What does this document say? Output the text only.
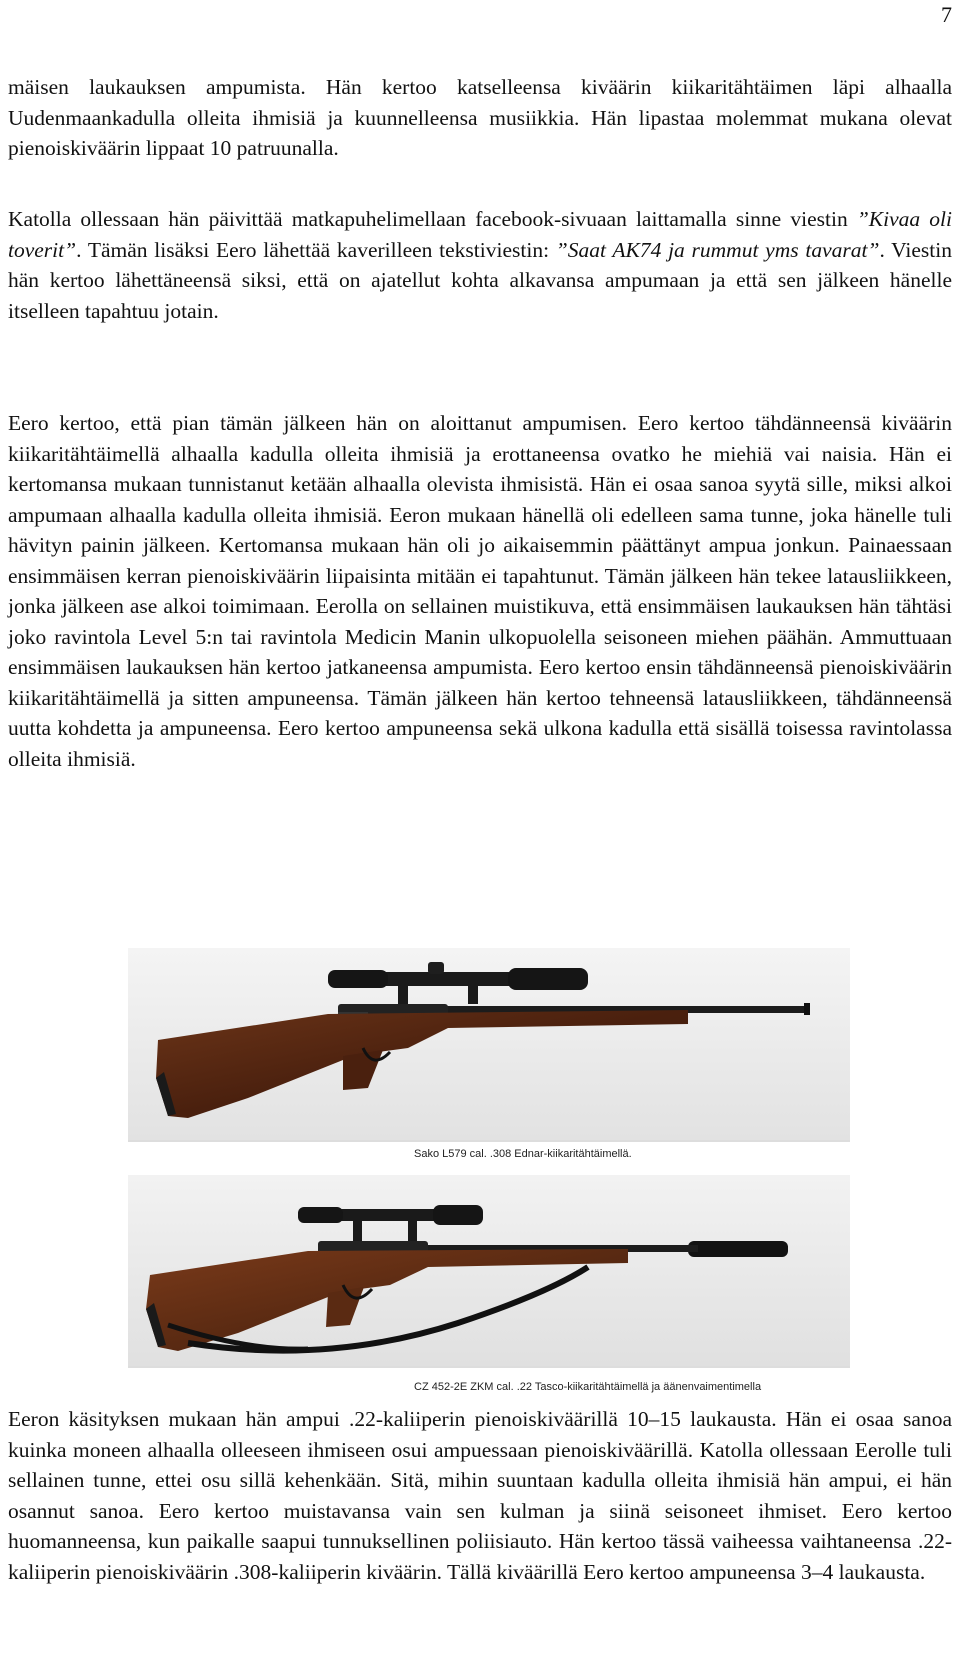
7

mäisen laukauksen ampumista. Hän kertoo katselleensa kiväärin kiikaritähtäimen läpi alhaalla Uudenmaankadulla olleita ihmisiä ja kuunnelleensa musiikkia. Hän lipastaa molemmat mukana olevat pienoiskiväärin lippaat 10 patruunalla.

Katolla ollessaan hän päivittää matkapuhelimellaan facebook-sivuaan laittamalla sinne viestin ”Kivaa oli toverit”. Tämän lisäksi Eero lähettää kaverilleen tekstiviestin: ”Saat AK74 ja rummut yms tavarat”. Viestin hän kertoo lähettäneensä siksi, että on ajatellut kohta alkavansa ampumaan ja että sen jälkeen hänelle itselleen tapahtuu jotain.

Eero kertoo, että pian tämän jälkeen hän on aloittanut ampumisen. Eero kertoo tähdänneensä kiväärin kiikaritähtäimellä alhaalla kadulla olleita ihmisiä ja erottaneensa ovatko he miehiä vai naisia. Hän ei kertomansa mukaan tunnistanut ketään alhaalla olevista ihmisistä. Hän ei osaa sanoa syytä sille, miksi alkoi ampumaan alhaalla kadulla olleita ihmisiä. Eeron mukaan hänellä oli edelleen sama tunne, joka hänelle tuli hävityn painin jälkeen. Kertomansa mukaan hän oli jo aikaisemmin päättänyt ampua jonkun. Painaessaan ensimmäisen kerran pienoiskiväärin liipaisinta mitään ei tapahtunut. Tämän jälkeen hän tekee latausliikkeen, jonka jälkeen ase alkoi toimimaan. Eerolla on sellainen muistikuva, että ensimmäisen laukauksen hän tähtäsi joko ravintola Level 5:n tai ravintola Medicin Manin ulkopuolella seisoneen miehen päähän. Ammuttuaan ensimmäisen laukauksen hän kertoo jatkaneensa ampumista. Eero kertoo ensin tähdänneensä pienoiskiväärin kiikaritähtäimellä ja sitten ampuneensa. Tämän jälkeen hän kertoo tehneensä latausliikkeen, tähdänneensä uutta kohdetta ja ampuneensa. Eero kertoo ampuneensa sekä ulkona kadulla että sisällä toisessa ravintolassa olleita ihmisiä.

Sako L579 cal. .308 Ednar-kiikaritähtäimellä.
CZ 452-2E ZKM cal. .22 Tasco-kiikaritähtäimellä ja äänenvaimentimella

Eeron käsityksen mukaan hän ampui .22-kaliiperin pienoiskiväärillä 10–15 laukausta. Hän ei osaa sanoa kuinka moneen alhaalla olleeseen ihmiseen osui ampuessaan pienoiskiväärillä. Katolla ollessaan Eerolle tuli sellainen tunne, ettei osu sillä kehenkään. Sitä, mihin suuntaan kadulla olleita ihmisiä hän ampui, ei hän osannut sanoa. Eero kertoo muistavansa vain sen kulman ja siinä seisoneet ihmiset. Eero kertoo huomanneensa, kun paikalle saapui tunnuksellinen poliisiauto. Hän kertoo tässä vaiheessa vaihtaneensa .22-kaliiperin pienoiskiväärin .308-kaliiperin kiväärin. Tällä kiväärillä Eero kertoo ampuneensa 3–4 laukausta.
